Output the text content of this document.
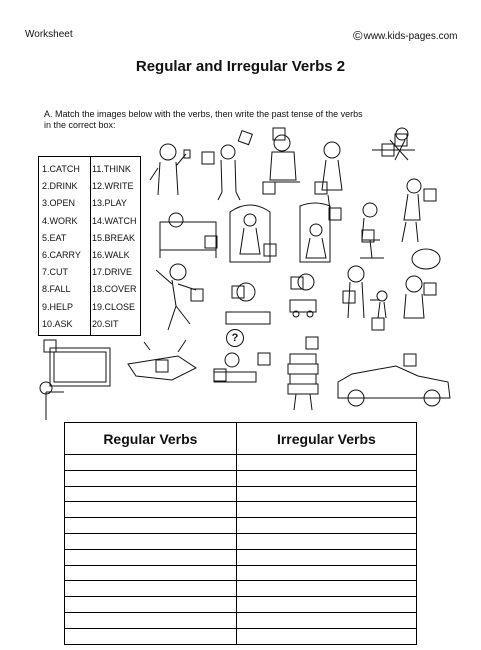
Worksheet	©www.kids-pages.com
Regular and Irregular Verbs 2
A. Match the images below with the verbs, then write the past tense of the verbs
in the correct box:
1.CATCH
2.DRINK
3.OPEN
4.WORK
5.EAT
6.CARRY
7.CUT
8.FALL
9.HELP
10.ASK
11.THINK
12.WRITE
13.PLAY
14.WATCH
15.BREAK
16.WALK
17.DRIVE
18.COVER
19.CLOSE
20.SIT
?
Regular Verbs	Irregular Verbs
